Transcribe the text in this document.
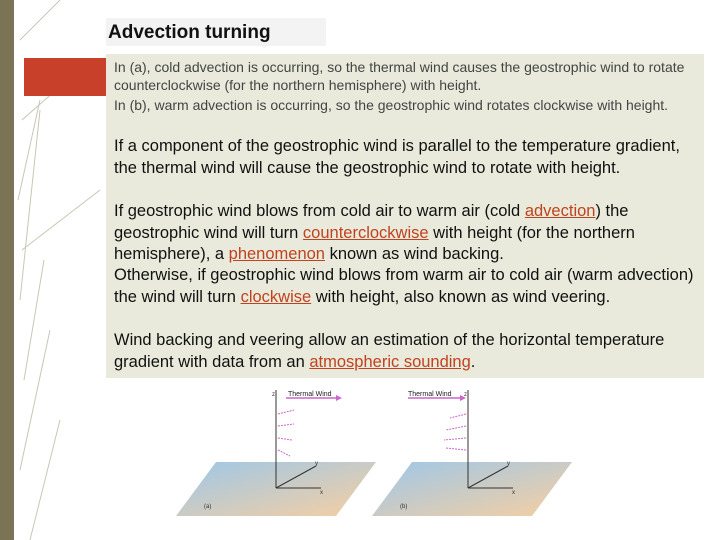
Advection turning
In (a), cold advection is occurring, so the thermal wind causes the geostrophic wind to rotate counterclockwise (for the northern hemisphere) with height.
In (b), warm advection is occurring, so the geostrophic wind rotates clockwise with height.
If a component of the geostrophic wind is parallel to the temperature gradient, the thermal wind will cause the geostrophic wind to rotate with height.
If geostrophic wind blows from cold air to warm air (cold advection) the geostrophic wind will turn counterclockwise with height (for the northern hemisphere), a phenomenon known as wind backing.
Otherwise, if geostrophic wind blows from warm air to cold air (warm advection) the wind will turn clockwise with height, also known as wind veering.
Wind backing and veering allow an estimation of the horizontal temperature gradient with data from an atmospheric sounding.
z
y
x
Thermal Wind
(a)
z
y
x
Thermal Wind
(b)
